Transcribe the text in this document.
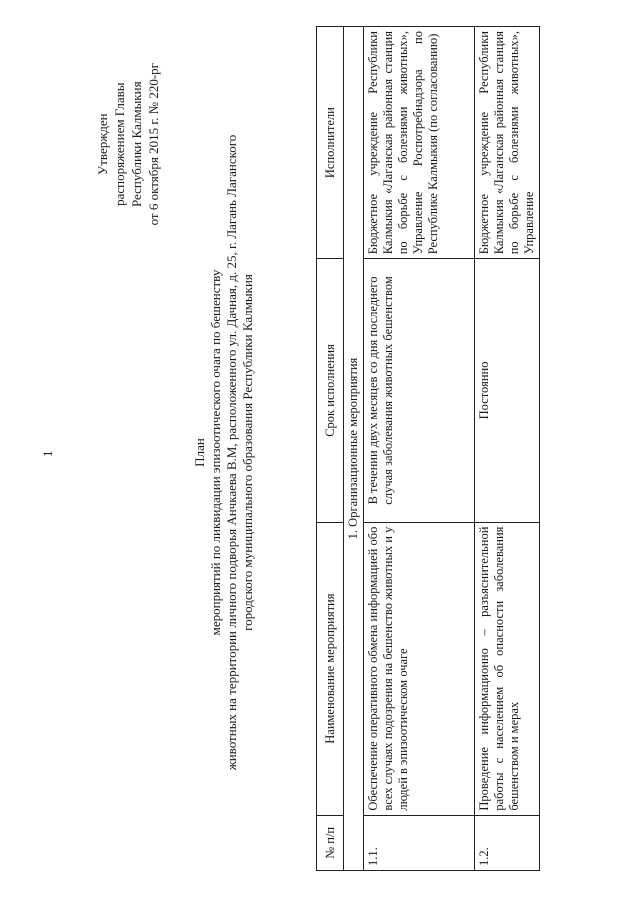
1
Утвержден распоряжением Главы Республики Калмыкия от 6 октября 2015 г. № 220-рг
План мероприятий по ликвидации эпизоотического очага по бешенству животных на территории личного подворья Анчкаева В.М, расположенного ул. Дачная, д. 25, г. Лагань Лаганского городского муниципального образования Республики Калмыкия
№ п/п	Наименование мероприятия	Срок исполнения	Исполнители
1. Организационные мероприятия			
1.1.	Обеспечение оперативного обмена информацией обо всех случаях подозрения на бешенство животных и у людей в эпизоотическом очаге	В течении двух месяцев со дня последнего случая заболевания животных бешенством	Бюджетное учреждение Республики Калмыкия «Лаганская районная станция по борьбе с болезнями животных», Управление Роспотребнадзора по Республике Калмыкия (по согласованию)
1.2.	Проведение информационно – разъяснительной работы с населением об опасности заболевания бешенством и мерах	Постоянно	Бюджетное учреждение Республики Калмыкия «Лаганская районная станция по борьбе с болезнями животных», Управление
